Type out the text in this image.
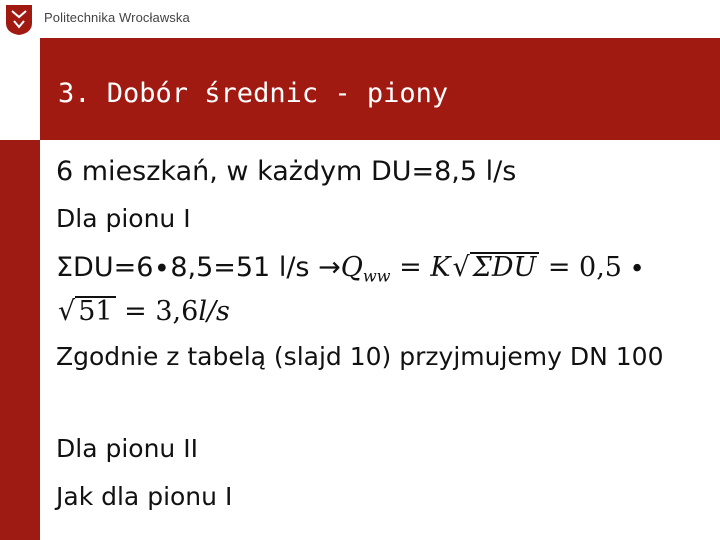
Politechnika Wrocławska
3. Dobór średnic - piony
6 mieszkań, w każdym DU=8,5 l/s
Dla pionu I
ΣDU=6∙8,5=51 $l/s \to Q_{ww} = K√$ ΣDU = 0,5 ∙
√ 51 = 3,6l/s
Zgodnie z tabelą (slajd 10) przyjmujemy DN 100
Dla pionu II
Jak dla pionu I
